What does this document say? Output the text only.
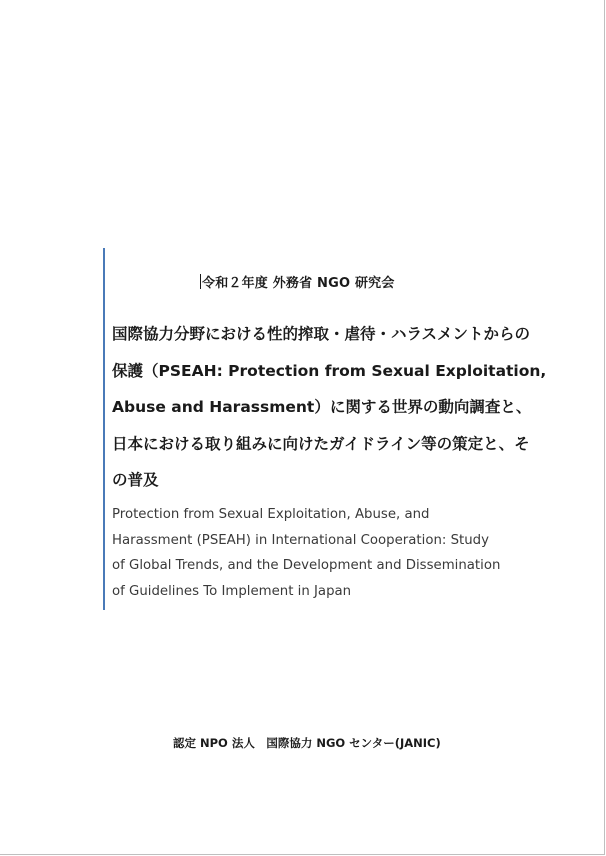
令和２年度 外務省 NGO 研究会
国際協力分野における性的搾取・虐待・ハラスメントからの
保護（PSEAH: Protection from Sexual Exploitation,
Abuse and Harassment）に関する世界の動向調査と、
日本における取り組みに向けたガイドライン等の策定と、そ
の普及
Protection from Sexual Exploitation, Abuse, and
Harassment (PSEAH) in International Cooperation: Study
of Global Trends, and the Development and Dissemination
of Guidelines To Implement in Japan
認定 NPO 法人　国際協力 NGO センター(JANIC)
